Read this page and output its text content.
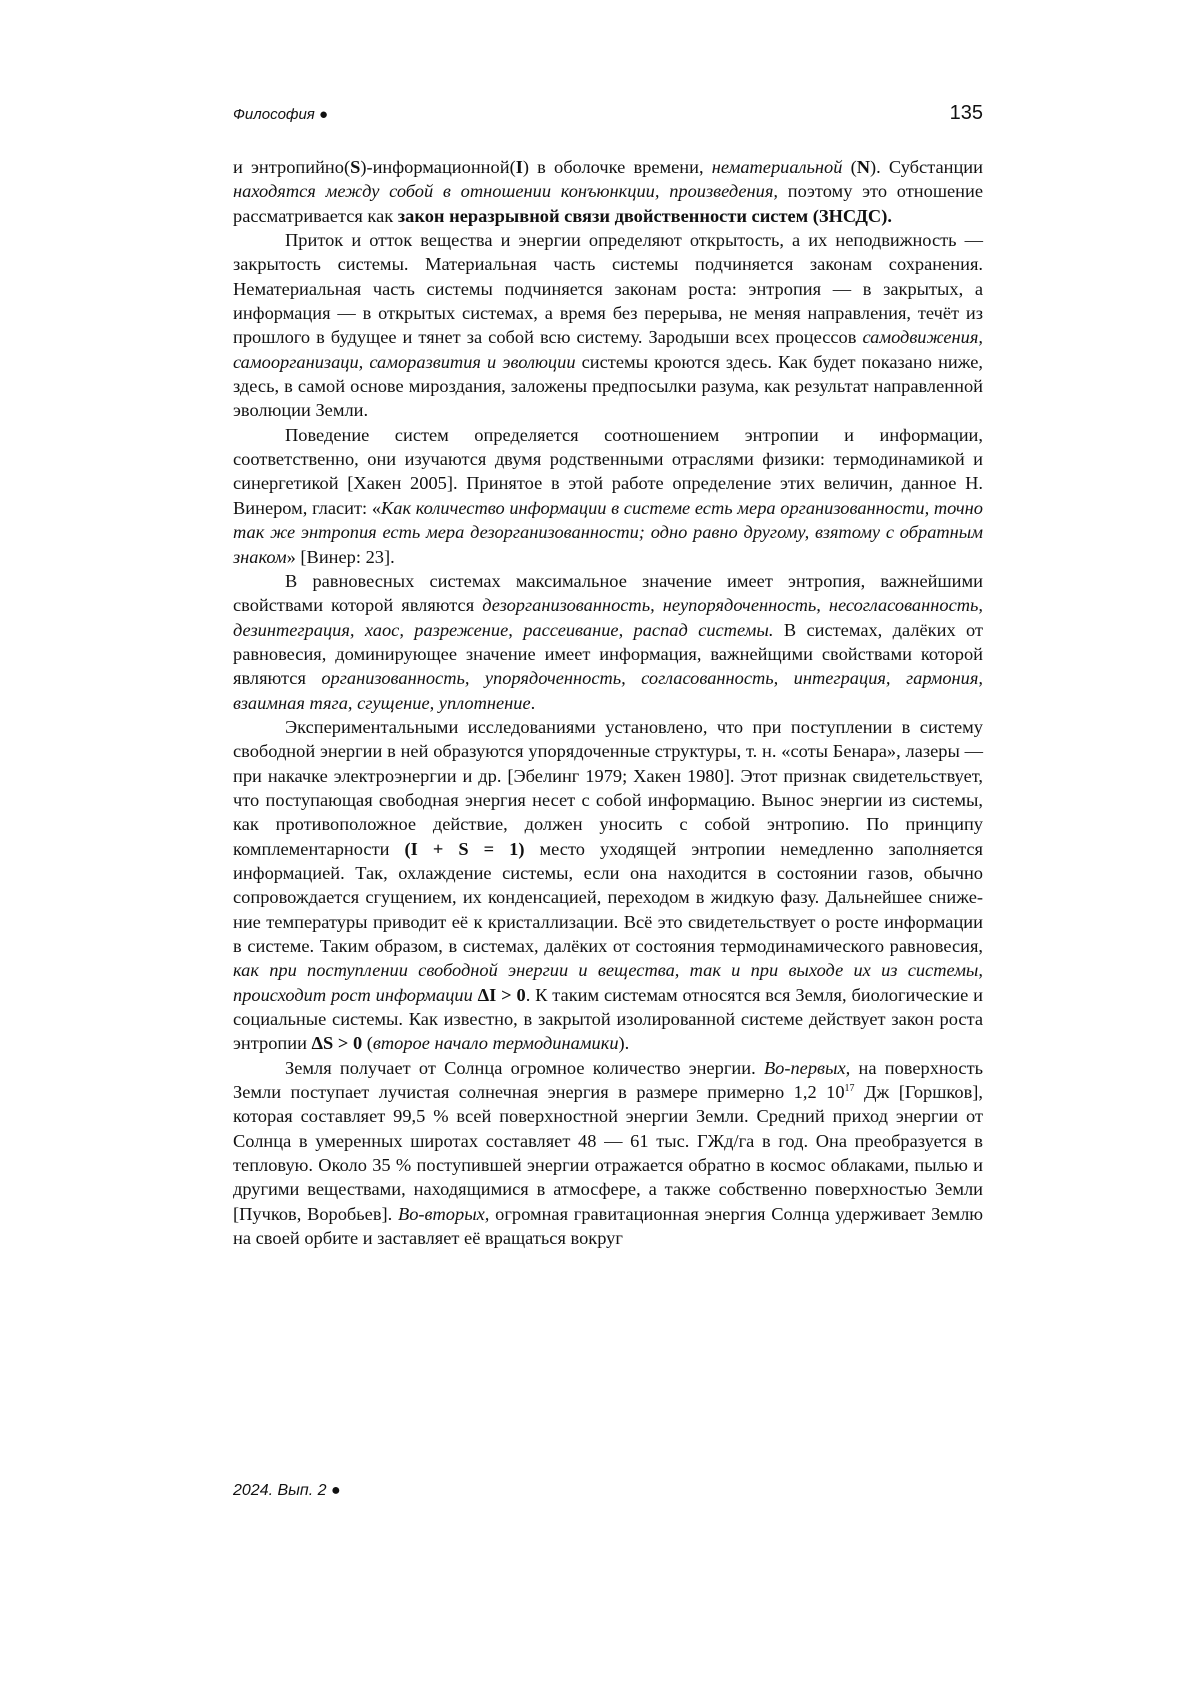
Философия ●	135

и энтропийно(S)-информационной(I) в оболочке времени, нематериаль­ной (N). Субстанции находятся между собой в отношении конъюнкции, произведения, поэтому это отношение рассматривается как закон неразрыв­ной связи двойственности систем (ЗНСДС).

Приток и отток вещества и энергии определяют открытость, а их непо­движность — закрытость системы. Материальная часть системы подчиняется законам сохранения. Нематериальная часть системы подчиняется законам ро­ста: энтропия — в закрытых, а информация — в открытых системах, а время без перерыва, не меняя направления, течёт из прошлого в будущее и тянет за собой всю систему. Зародыши всех процессов самодвижения, само­организаци, саморазвития и эволюции системы кроются здесь. Как будет по­казано ниже, здесь, в самой основе мироздания, заложены предпосылки ра­зума, как результат направленной эволюции Земли.

Поведение систем определяется соотношением энтропии и информации, соответственно, они изучаются двумя родственными отраслями физики: термоди­намикой и синергетикой [Хакен 2005]. Принятое в этой работе определение этих величин, данное Н. Винером, гласит: «Как количество информации в системе есть мера организованности, точно так же энтропия есть мера дезорганизо­ванности; одно равно другому, взятому с обратным знаком» [Винер: 23].

В равновесных системах максимальное значение имеет энтропия, важнейшими свойствами которой являются дезорганизованность, неупорядо­ченность, несогласованность, дезинтеграция, хаос, разрежение, рассеивание, распад системы. В системах, далёких от равновесия, доминирующее значение имеет информация, важнейщими свойствами которой являются организован­ность, упорядоченность, согласованность, интеграция, гармония, взаимная тяга, сгущение, уплотнение.

Экспериментальными исследованиями установлено, что при поступлении в систему свободной энергии в ней образуются упорядоченные структуры, т. н. «соты Бенара», лазеры — при накачке электроэнергии и др. [Эбелинг 1979; Хакен 1980]. Этот признак свидетельствует, что поступающая свободная энергия несет с собой информацию. Вынос энергии из системы, как противоположное действие, должен уносить с собой энтропию. По принципу комплементарности (I + S = 1) место уходящей энтропии немедленно заполняется информацией. Так, охлаждение системы, если она находится в состоянии газов, обычно сопровожда­ется сгущением, их конденсацией, переходом в жидкую фазу. Дальнейшее сниже­ние температуры приводит её к кристаллизации. Всё это свидетельствует о росте информации в системе. Таким образом, в системах, далёких от состояния термо­динамического равновесия, как при поступлении свободной энергии и вещества, так и при выходе их из системы, происходит рост информации ΔI > 0. К таким системам относятся вся Земля, биологические и социальные системы. Как из­вестно, в закрытой изолированной системе действует закон роста энтропии ΔS > 0 (второе начало термодинамики).

Земля получает от Солнца огромное количество энергии. Во-первых, на поверхность Земли поступает лучистая солнечная энергия в размере примерно 1,2 1017 Дж [Горшков], которая составляет 99,5 % всей поверхностной энергии Земли. Средний приход энергии от Солнца в умеренных широтах составляет 48 — 61 тыс. ГЖд/га в год. Она преобразуется в тепловую. Около 35 % посту­пившей энергии отражается обратно в космос облаками, пылью и другими веществами, находящимися в атмосфере, а также собственно поверхностью Земли [Пучков, Воробьев]. Во-вторых, огромная гравитационная энергия Солнца удерживает Землю на своей орбите и заставляет её вращаться вокруг

2024. Вып. 2 ●
